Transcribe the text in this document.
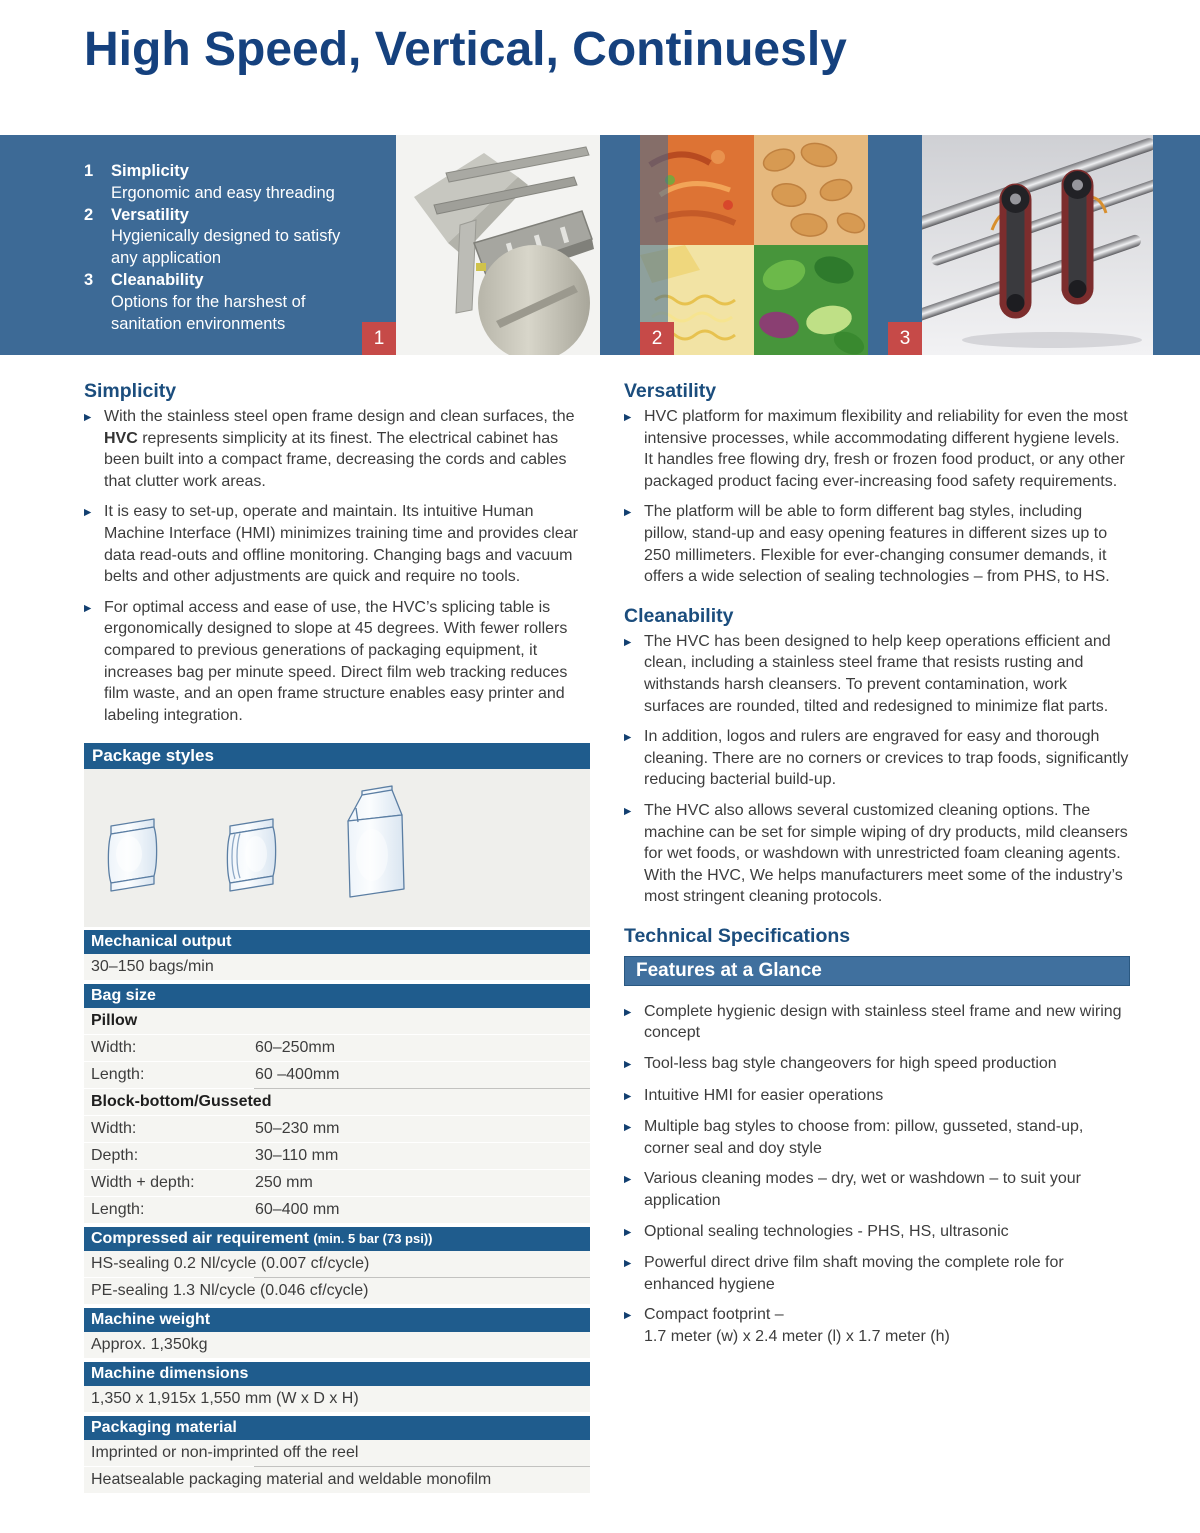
High Speed, Vertical, Continuesly
1	Simplicity
Ergonomic and easy threading
2	Versatility
Hygienically designed to satisfy any application
3	Cleanability
Options for the harshest of sanitation environments
1	2	3
Simplicity
▶ With the stainless steel open frame design and clean surfaces, the HVC represents simplicity at its finest. The electrical cabinet has been built into a compact frame, decreasing the cords and cables that clutter work areas.
▶ It is easy to set-up, operate and maintain. Its intuitive Human Machine Interface (HMI) minimizes training time and provides clear data read-outs and offline monitoring. Changing bags and vacuum belts and other adjustments are quick and require no tools.
▶ For optimal access and ease of use, the HVC’s splicing table is ergonomically designed to slope at 45 degrees. With fewer rollers compared to previous generations of packaging equipment, it increases bag per minute speed. Direct film web tracking reduces film waste, and an open frame structure enables easy printer and labeling integration.
Package styles
Mechanical output
30–150 bags/min
Bag size
Pillow
Width:	60–250mm
Length:	60 –400mm
Block-bottom/Gusseted
Width:	50–230 mm
Depth:	30–110 mm
Width + depth:	250 mm
Length:	60–400 mm
Compressed air requirement (min. 5 bar (73 psi))
HS-sealing 0.2 Nl/cycle (0.007 cf/cycle)
PE-sealing 1.3 Nl/cycle (0.046 cf/cycle)
Machine weight
Approx. 1,350kg
Machine dimensions
1,350 x 1,915x 1,550 mm (W x D x H)
Packaging material
Imprinted or non-imprinted off the reel
Heatsealable packaging material and weldable monofilm
Versatility
▶ HVC platform for maximum flexibility and reliability for even the most intensive processes, while accommodating different hygiene levels. It handles free flowing dry, fresh or frozen food product, or any other packaged product facing ever-increasing food safety requirements.
▶ The platform will be able to form different bag styles, including pillow, stand-up and easy opening features in different sizes up to 250 millimeters. Flexible for ever-changing consumer demands, it offers a wide selection of sealing technologies – from PHS, to HS.
Cleanability
▶ The HVC has been designed to help keep operations efficient and clean, including a stainless steel frame that resists rusting and withstands harsh cleansers. To prevent contamination, work surfaces are rounded, tilted and redesigned to minimize flat parts.
▶ In addition, logos and rulers are engraved for easy and thorough cleaning. There are no corners or crevices to trap foods, significantly reducing bacterial build-up.
▶ The HVC also allows several customized cleaning options. The machine can be set for simple wiping of dry products, mild cleansers for wet foods, or washdown with unrestricted foam cleaning agents. With the HVC, We helps manufacturers meet some of the industry’s most stringent cleaning protocols.
Technical Specifications
Features at a Glance
▶ Complete hygienic design with stainless steel frame and new wiring concept
▶ Tool-less bag style changeovers for high speed production
▶ Intuitive HMI for easier operations
▶ Multiple bag styles to choose from: pillow, gusseted, stand-up, corner seal and doy style
▶ Various cleaning modes – dry, wet or washdown – to suit your application
▶ Optional sealing technologies - PHS, HS, ultrasonic
▶ Powerful direct drive film shaft moving the complete role for enhanced hygiene
▶ Compact footprint –
1.7 meter (w) x 2.4 meter (l) x 1.7 meter (h)
